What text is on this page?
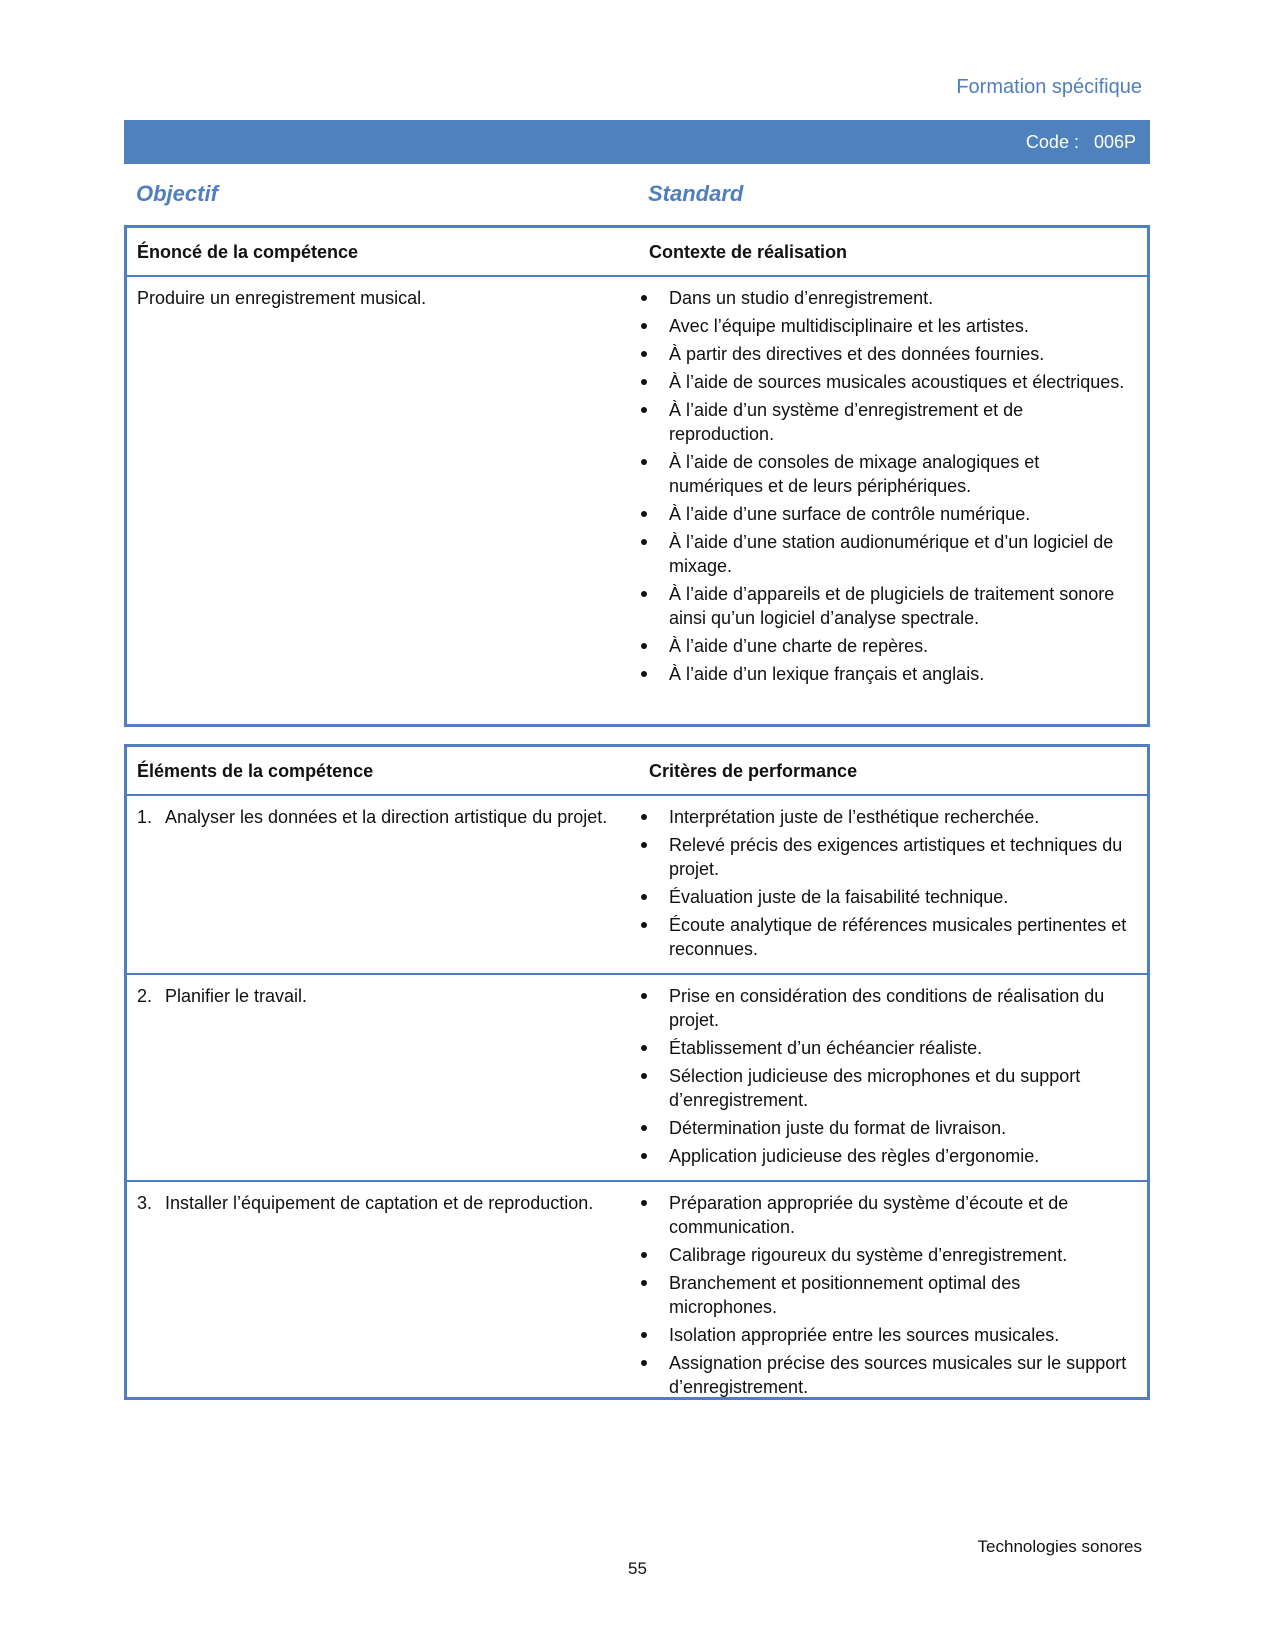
Formation spécifique
Code :   006P
Objectif	Standard
Énoncé de la compétence	Contexte de réalisation
Produire un enregistrement musical.	Dans un studio d’enregistrement.
Avec l’équipe multidisciplinaire et les artistes.
À partir des directives et des données fournies.
À l’aide de sources musicales acoustiques et électriques.
À l’aide d’un système d’enregistrement et de reproduction.
À l’aide de consoles de mixage analogiques et numériques et de leurs périphériques.
À l’aide d’une surface de contrôle numérique.
À l’aide d’une station audionumérique et d’un logiciel de mixage.
À l’aide d’appareils et de plugiciels de traitement sonore ainsi qu’un logiciel d’analyse spectrale.
À l’aide d’une charte de repères.
À l’aide d’un lexique français et anglais.
Éléments de la compétence	Critères de performance
1. Analyser les données et la direction artistique du projet.	Interprétation juste de l’esthétique recherchée.
Relevé précis des exigences artistiques et techniques du projet.
Évaluation juste de la faisabilité technique.
Écoute analytique de références musicales pertinentes et reconnues.
2. Planifier le travail.	Prise en considération des conditions de réalisation du projet.
Établissement d’un échéancier réaliste.
Sélection judicieuse des microphones et du support d’enregistrement.
Détermination juste du format de livraison.
Application judicieuse des règles d’ergonomie.
3. Installer l’équipement de captation et de reproduction.	Préparation appropriée du système d’écoute et de communication.
Calibrage rigoureux du système d’enregistrement.
Branchement et positionnement optimal des microphones.
Isolation appropriée entre les sources musicales.
Assignation précise des sources musicales sur le support d’enregistrement.
Technologies sonores
55
